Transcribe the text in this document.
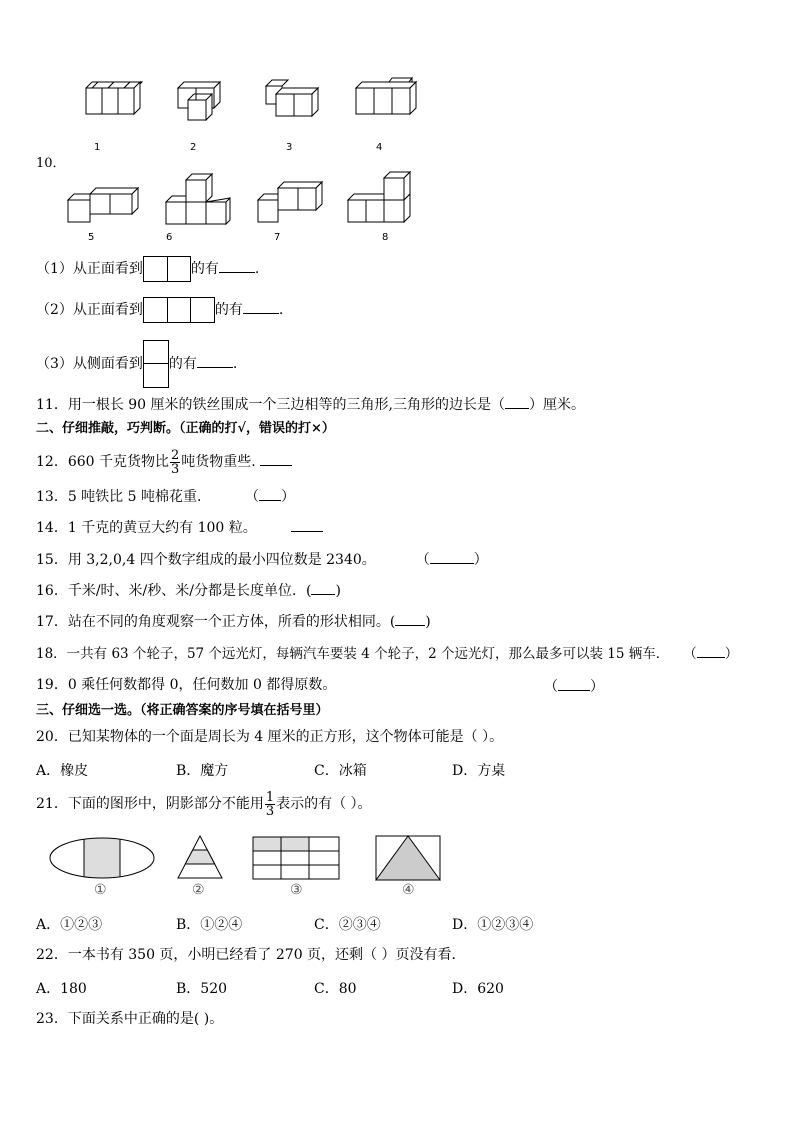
1	2	3	4
10．
5	6	7	8
（1）从正面看到	的有	.
（2）从正面看到	的有	.
（3）从侧面看到 的有	.
11．用一根长 90 厘米的铁丝围成一个三边相等的三角形,三角形的边长是（ ）厘米。
二、仔细推敲，巧判断。（正确的打√，错误的打×）
12．660 千克货物比 $\frac{2}{3}$ 吨货物重些.
13．5 吨铁比 5 吨棉花重． （ ）
14．1 千克的黄豆大约有 100 粒。
15．用 3,2,0,4 四个数字组成的最小四位数是 2340。	（	）
16．千米/时、米/秒、米/分都是长度单位．( )
17．站在不同的角度观察一个正方体，所看的形状相同。( )
18．一共有 63 个轮子，57 个远光灯，每辆汽车要装 4 个轮子，2 个远光灯，那么最多可以装 15 辆车． （ ）
19．0 乘任何数都得 0，任何数加 0 都得原数。	（ ）
三、仔细选一选。（将正确答案的序号填在括号里）
20．已知某物体的一个面是周长为 4 厘米的正方形，这个物体可能是（ ）。
A．橡皮	B．魔方	C．冰箱	D．方桌
21．下面的图形中，阴影部分不能用 $\frac{1}{3}$ 表示的有（ ）。
①	②	③	④
A．①②③	B．①②④	C．②③④	D．①②③④
22．一本书有 350 页，小明已经看了 270 页，还剩（ ）页没有看．
A．180	B．520	C．80	D．620
23．下面关系中正确的是( )。
